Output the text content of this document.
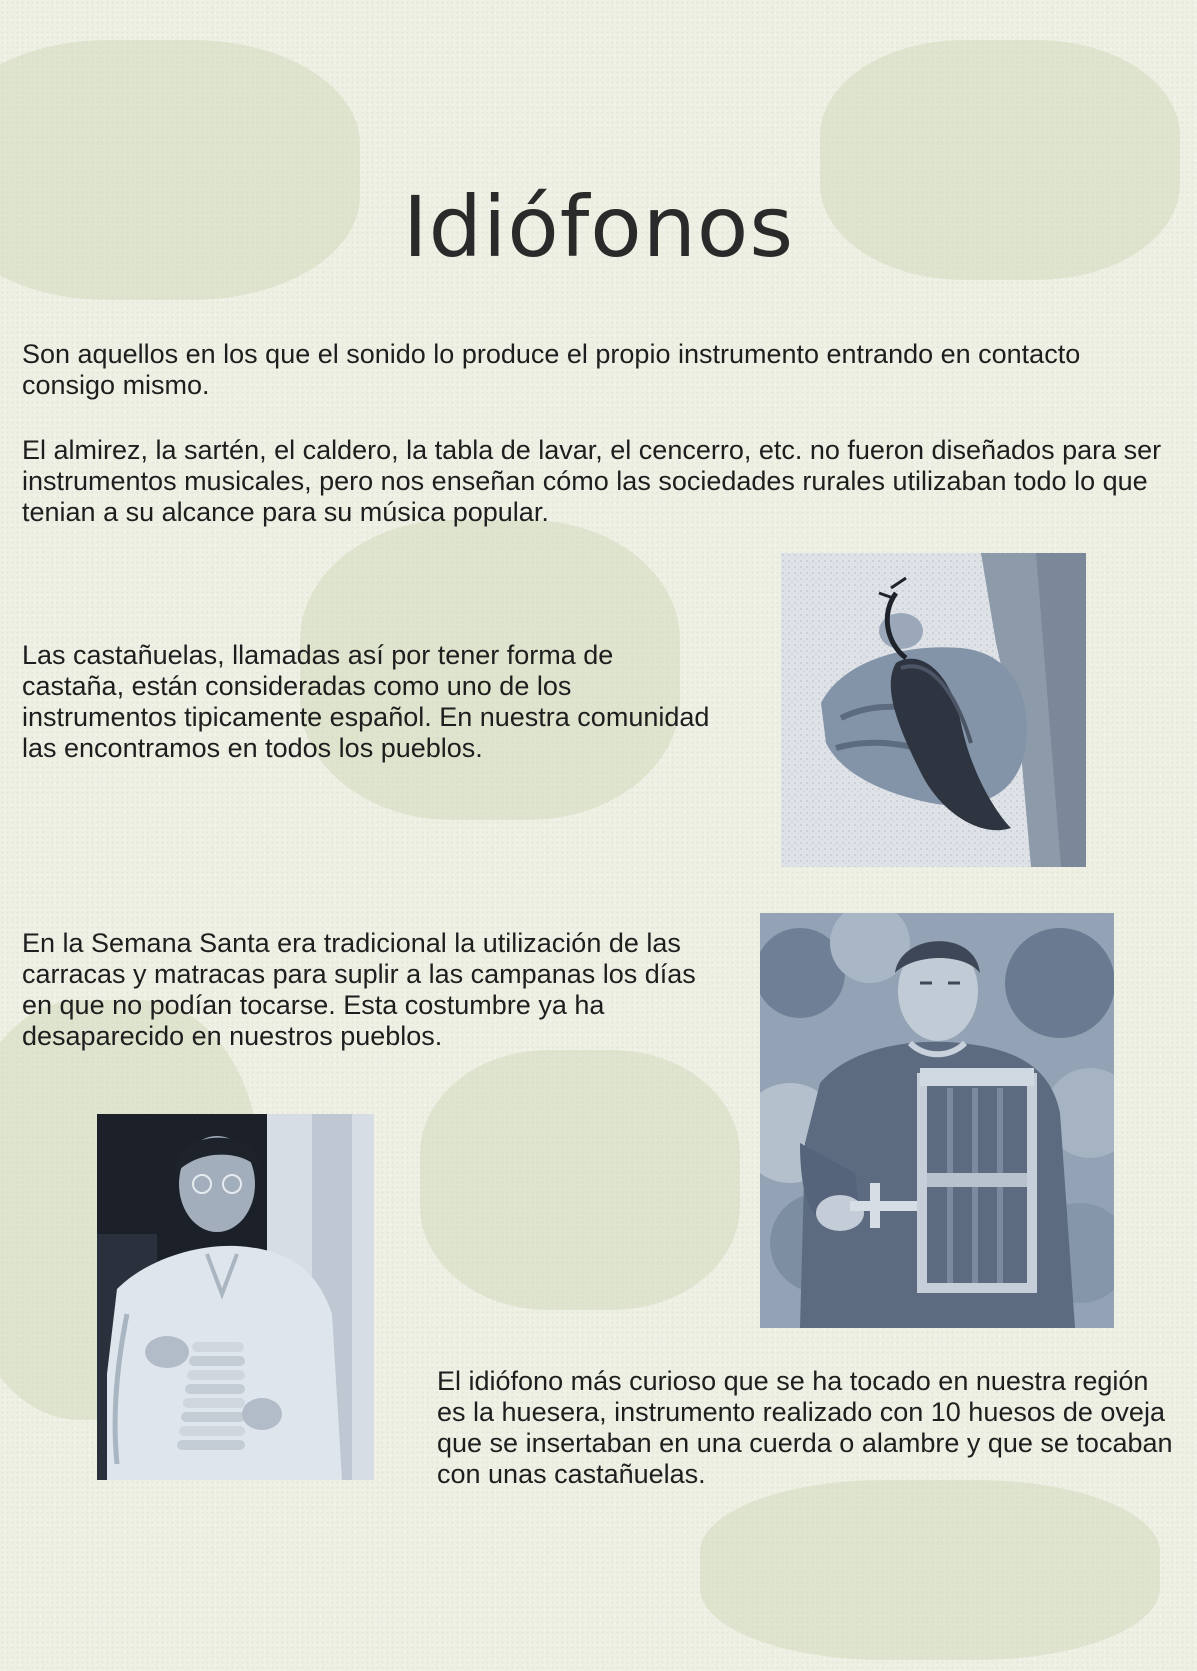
Idiófonos

Son aquellos en los que el sonido lo produce el propio instrumento entrando en contacto consigo mismo.

El almirez, la sartén, el caldero, la tabla de lavar, el cencerro, etc. no fueron diseñados para ser instrumentos musicales, pero nos enseñan cómo las sociedades rurales utilizaban todo lo que tenian a su alcance para su música popular.

Las castañuelas, llamadas así por tener forma de castaña, están consideradas como uno de los instrumentos tipicamente español. En nuestra comunidad las encontramos en todos los pueblos.

En la Semana Santa era tradicional la utilización de las carracas y matracas para suplir a las campanas los días en que no podían tocarse. Esta costumbre ya ha desaparecido en nuestros pueblos.

El idiófono más curioso que se ha tocado en nuestra región es la huesera, instrumento realizado con 10 huesos de oveja que se insertaban en una cuerda o alambre y que se tocaban con unas castañuelas.
